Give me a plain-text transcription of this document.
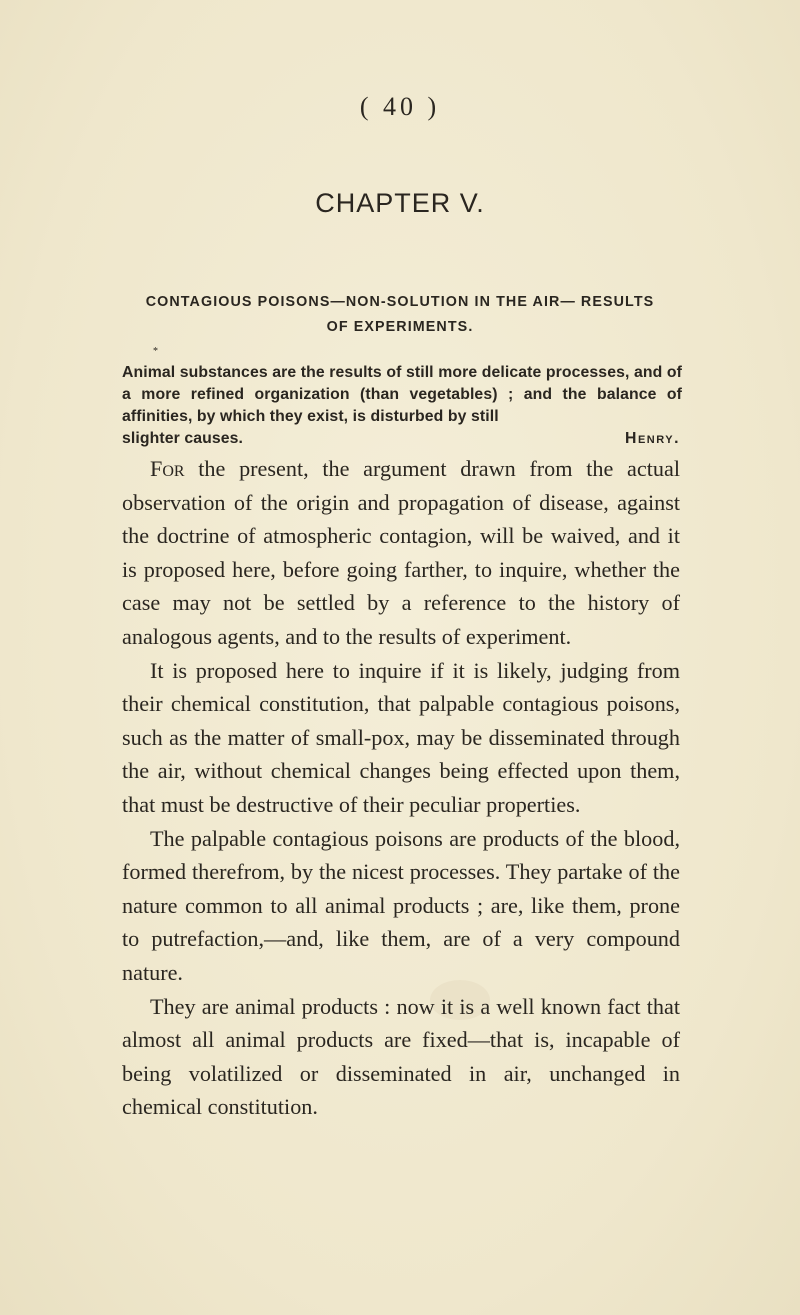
( 40 )
CHAPTER V.
CONTAGIOUS POISONS—NON-SOLUTION IN THE AIR— RESULTS OF EXPERIMENTS.
*
Animal substances are the results of still more delicate processes, and of a more refined organization (than vegetables) ; and the balance of affinities, by which they exist, is disturbed by still
slighter causes.	Henry.

For the present, the argument drawn from the actual observation of the origin and propagation of disease, against the doctrine of atmospheric contagion, will be waived, and it is proposed here, before going farther, to inquire, whether the case may not be settled by a reference to the history of analogous agents, and to the results of experiment.

It is proposed here to inquire if it is likely, judging from their chemical constitution, that palpable contagious poisons, such as the matter of small-pox, may be disseminated through the air, without chemical changes being effected upon them, that must be destructive of their peculiar properties.

The palpable contagious poisons are products of the blood, formed therefrom, by the nicest processes. They partake of the nature common to all animal products ; are, like them, prone to putrefaction,—and, like them, are of a very compound nature.

They are animal products : now it is a well known fact that almost all animal products are fixed—that is, incapable of being volatilized or disseminated in air, unchanged in chemical constitution.
